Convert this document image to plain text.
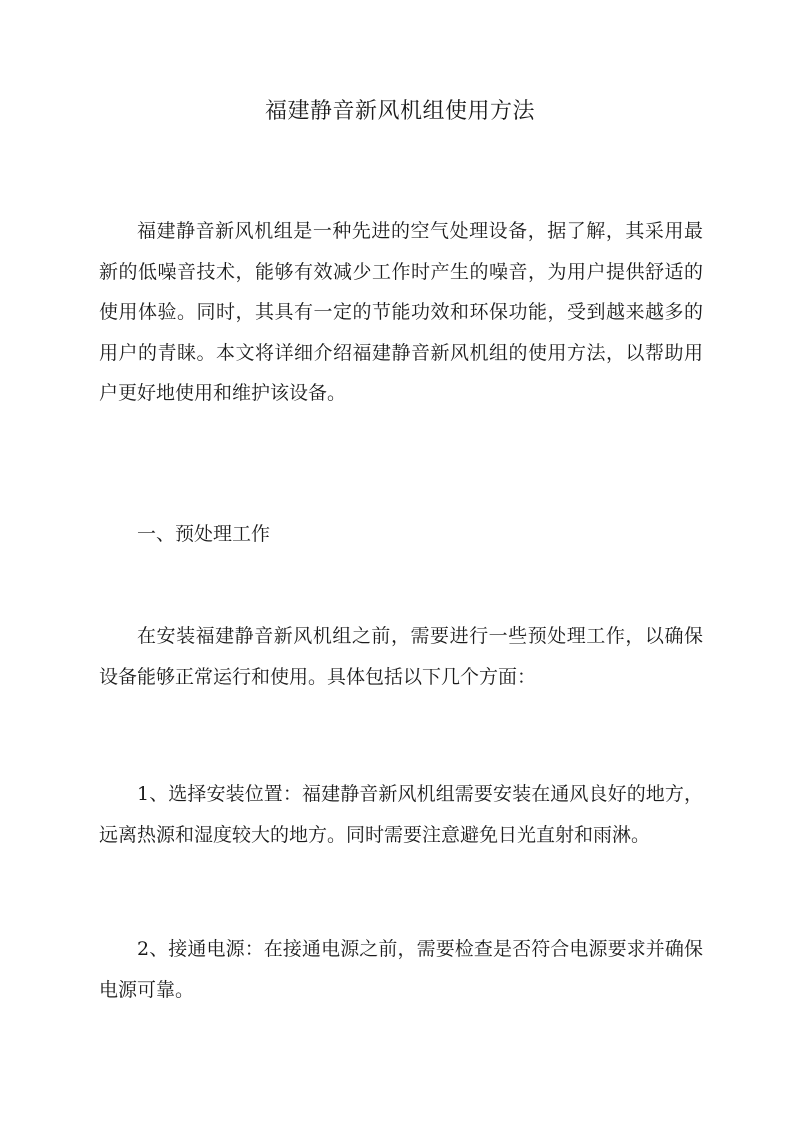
福建静音新风机组使用方法

福建静音新风机组是一种先进的空气处理设备，据了解，其采用最新的低噪音技术，能够有效减少工作时产生的噪音，为用户提供舒适的使用体验。同时，其具有一定的节能功效和环保功能，受到越来越多的用户的青睐。本文将详细介绍福建静音新风机组的使用方法，以帮助用户更好地使用和维护该设备。

一、预处理工作

在安装福建静音新风机组之前，需要进行一些预处理工作，以确保设备能够正常运行和使用。具体包括以下几个方面：

1、选择安装位置：福建静音新风机组需要安装在通风良好的地方，远离热源和湿度较大的地方。同时需要注意避免日光直射和雨淋。

2、接通电源：在接通电源之前，需要检查是否符合电源要求并确保电源可靠。
